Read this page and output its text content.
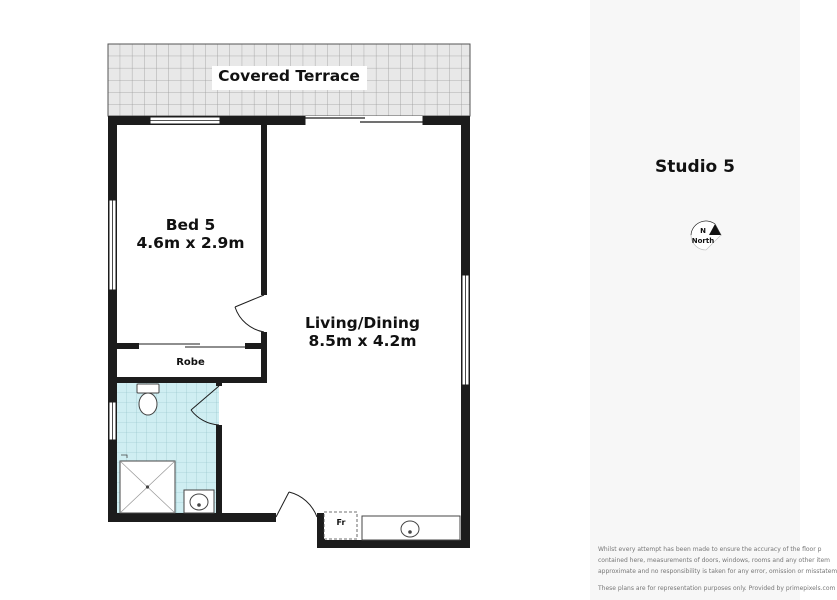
Covered Terrace
Bed 5
4.6m x 2.9m
Robe
Living/Dining
8.5m x 4.2m
Fr
Studio 5
N
North

Whilst every attempt has been made to ensure the accuracy of the floor p

contained here, measurements of doors, windows, rooms and any other item

approximate and no responsibility is taken for any error, omission or misstatem

These plans are for representation purposes only. Provided by primepixels.com
